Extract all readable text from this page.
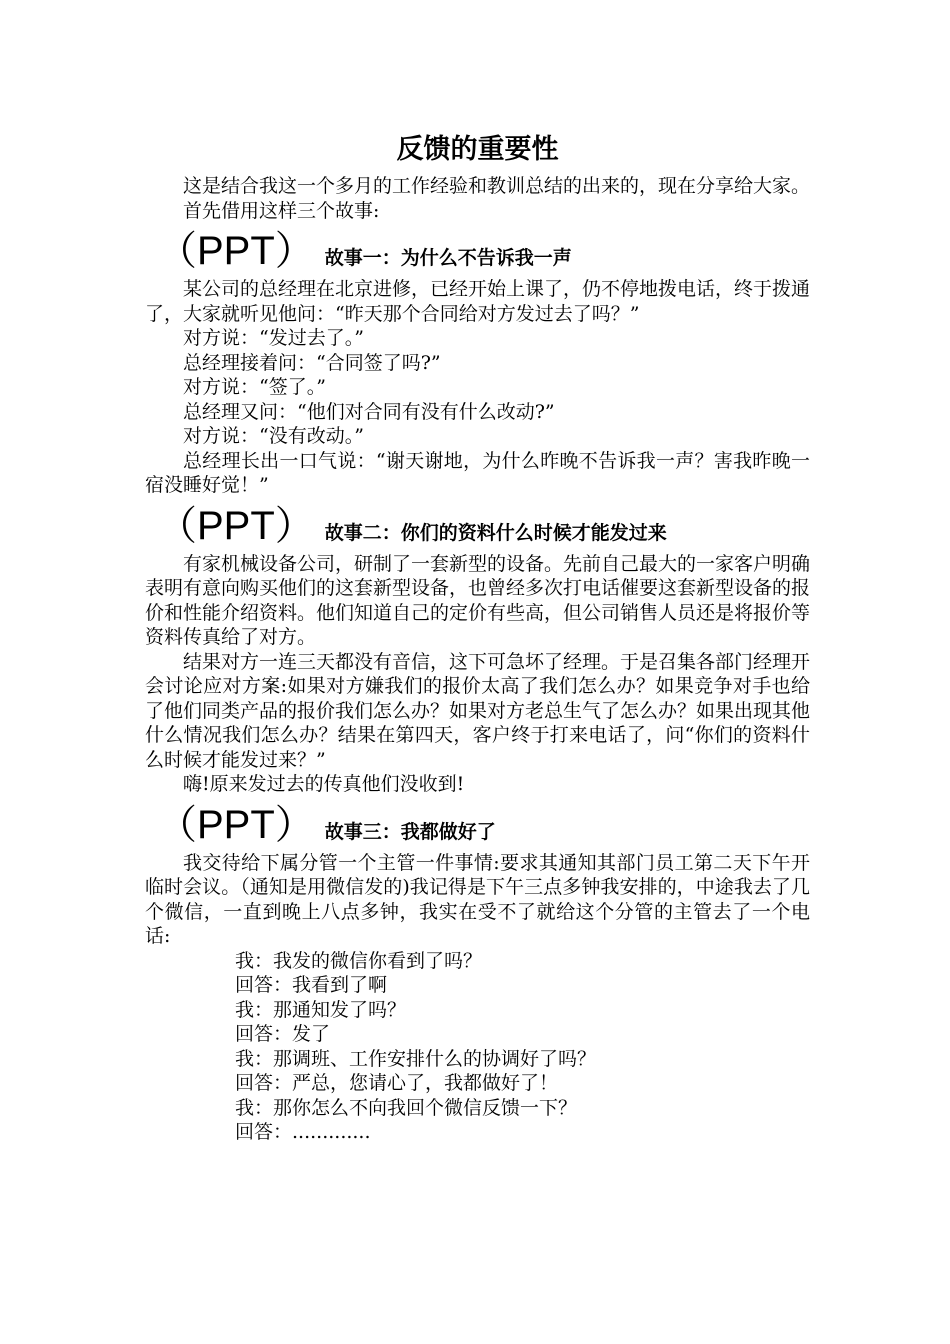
反馈的重要性

这是结合我这一个多月的工作经验和教训总结的出来的，现在分享给大家。

首先借用这样三个故事:

（PPT） 故事一：为什么不告诉我一声

某公司的总经理在北京进修，已经开始上课了，仍不停地拨电话，终于拨通了，大家就听见他问：“昨天那个合同给对方发过去了吗？”

对方说：“发过去了。”

总经理接着问：“合同签了吗?”

对方说：“签了。”

总经理又问：“他们对合同有没有什么改动?”

对方说：“没有改动。”

总经理长出一口气说：“谢天谢地，为什么昨晚不告诉我一声？害我昨晚一宿没睡好觉！”

（PPT） 故事二：你们的资料什么时候才能发过来

有家机械设备公司，研制了一套新型的设备。先前自己最大的一家客户明确表明有意向购买他们的这套新型设备，也曾经多次打电话催要这套新型设备的报价和性能介绍资料。他们知道自己的定价有些高，但公司销售人员还是将报价等资料传真给了对方。

结果对方一连三天都没有音信，这下可急坏了经理。于是召集各部门经理开会讨论应对方案:如果对方嫌我们的报价太高了我们怎么办？如果竞争对手也给了他们同类产品的报价我们怎么办？如果对方老总生气了怎么办？如果出现其他什么情况我们怎么办？结果在第四天，客户终于打来电话了，问“你们的资料什么时候才能发过来？”

嗨!原来发过去的传真他们没收到!

（PPT） 故事三：我都做好了

我交待给下属分管一个主管一件事情:要求其通知其部门员工第二天下午开临时会议。（通知是用微信发的)我记得是下午三点多钟我安排的，中途我去了几个微信，一直到晚上八点多钟，我实在受不了就给这个分管的主管去了一个电话:

我：我发的微信你看到了吗？

回答：我看到了啊

我：那通知发了吗？

回答：发了

我：那调班、工作安排什么的协调好了吗？

回答：严总，您请心了，我都做好了！

我：那你怎么不向我回个微信反馈一下？

回答：.............
